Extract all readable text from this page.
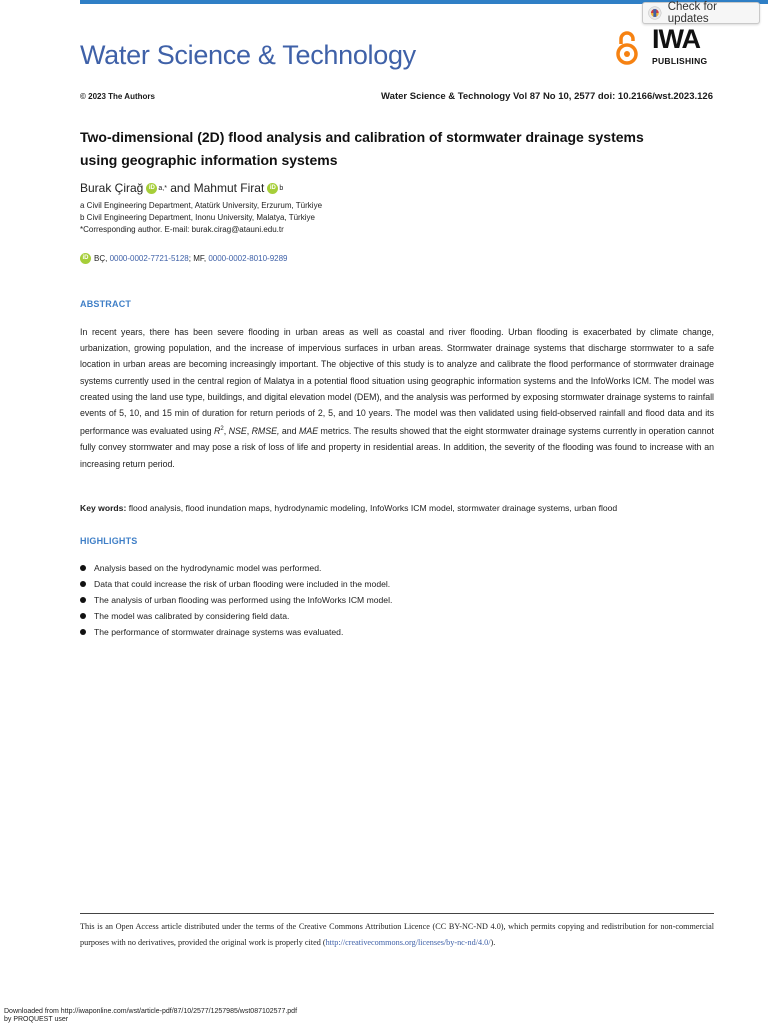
Check for updates
Water Science & Technology
IWA
PUBLISHING
© 2023 The Authors	Water Science & Technology Vol 87 No 10, 2577 doi: 10.2166/wst.2023.126
Two-dimensional (2D) flood analysis and calibration of stormwater drainage systems
using geographic information systems
Burak Çirağ iD a,* and Mahmut Firat iD b
a Civil Engineering Department, Atatürk University, Erzurum, Türkiye
b Civil Engineering Department, Inonu University, Malatya, Türkiye
*Corresponding author. E-mail: burak.cirag@atauni.edu.tr
iD BÇ, 0000-0002-7721-5128 ; MF, 0000-0002-8010-9289
ABSTRACT

In recent years, there has been severe flooding in urban areas as well as coastal and river flooding. Urban flooding is exacerbated by climate change, urbanization, growing population, and the increase of impervious surfaces in urban areas. Stormwater drainage systems that discharge stormwater to a safe location in urban areas are becoming increasingly important. The objective of this study is to analyze and calibrate the flood performance of stormwater drainage systems currently used in the central region of Malatya in a potential flood situation using geographic information systems and the InfoWorks ICM. The model was created using the land use type, buildings, and digital elevation model (DEM), and the analysis was performed by exposing stormwater drainage systems to rainfall events of 5, 10, and 15 min of duration for return periods of 2, 5, and 10 years. The model was then validated using field-observed rainfall and flood data and its performance was evaluated using $R^2$, NSE, RMSE, and MAE metrics. The results showed that the eight stormwater drainage systems currently in operation cannot fully convey stormwater and may pose a risk of loss of life and property in residential areas. In addition, the severity of the flooding was found to increase with an increasing return period.

Key words: flood analysis, flood inundation maps, hydrodynamic modeling, InfoWorks ICM model, stormwater drainage systems, urban flood
HIGHLIGHTS
Analysis based on the hydrodynamic model was performed.
Data that could increase the risk of urban flooding were included in the model.
The analysis of urban flooding was performed using the InfoWorks ICM model.
The model was calibrated by considering field data.
The performance of stormwater drainage systems was evaluated.

This is an Open Access article distributed under the terms of the Creative Commons Attribution Licence (CC BY-NC-ND 4.0), which permits copying and redistribution for non-commercial purposes with no derivatives, provided the original work is properly cited (http://creativecommons.org/licenses/by-nc-nd/4.0/).

Downloaded from http://iwaponline.com/wst/article-pdf/87/10/2577/1257985/wst087102577.pdf
by PROQUEST user
